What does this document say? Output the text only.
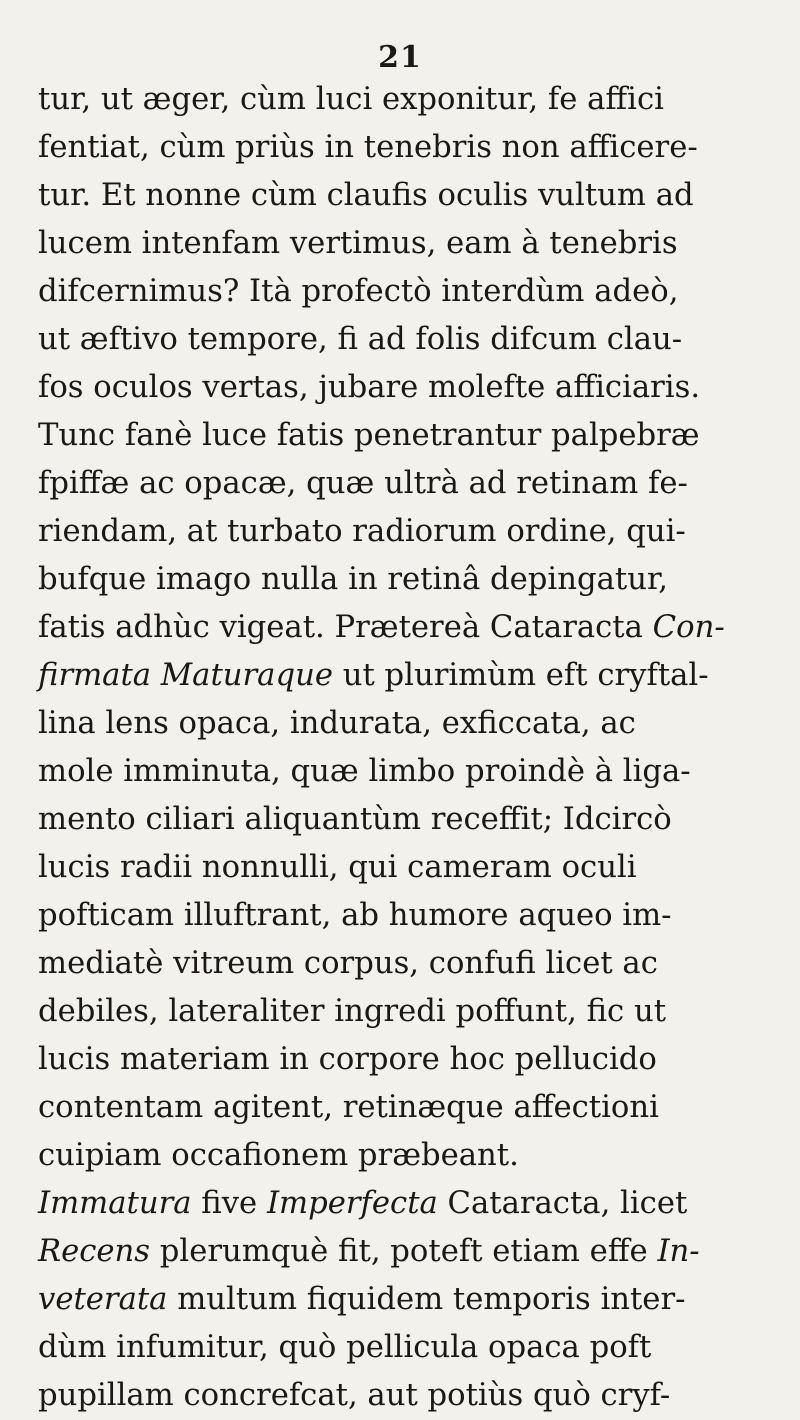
21
tur, ut æger, cùm luci exponitur, fe affici
fentiat, cùm priùs in tenebris non afficere-
tur. Et nonne cùm claufis oculis vultum ad
lucem intenfam vertimus, eam à tenebris
difcernimus? Ità profectò interdùm adeò,
ut æftivo tempore, fi ad folis difcum clau-
fos oculos vertas, jubare molefte afficiaris.
Tunc fanè luce fatis penetrantur palpebræ
fpiffæ ac opacæ, quæ ultrà ad retinam fe-
riendam, at turbato radiorum ordine, qui-
bufque imago nulla in retinâ depingatur,
fatis adhùc vigeat. Prætereà Cataracta Con-
firmata Maturaque ut plurimùm eft cryftal-
lina lens opaca, indurata, exficcata, ac
mole imminuta, quæ limbo proindè à liga-
mento ciliari aliquantùm receffit; Idcircò
lucis radii nonnulli, qui cameram oculi
pofticam illuftrant, ab humore aqueo im-
mediatè vitreum corpus, confufi licet ac
debiles, lateraliter ingredi poffunt, fic ut
lucis materiam in corpore hoc pellucido
contentam agitent, retinæque affectioni
cuipiam occafionem præbeant.
Immatura five Imperfecta Cataracta, licet
Recens plerumquè fit, poteft etiam effe In-
veterata multum fiquidem temporis inter-
dùm infumitur, quò pellicula opaca poft
pupillam concrefcat, aut potiùs quò cryf-
